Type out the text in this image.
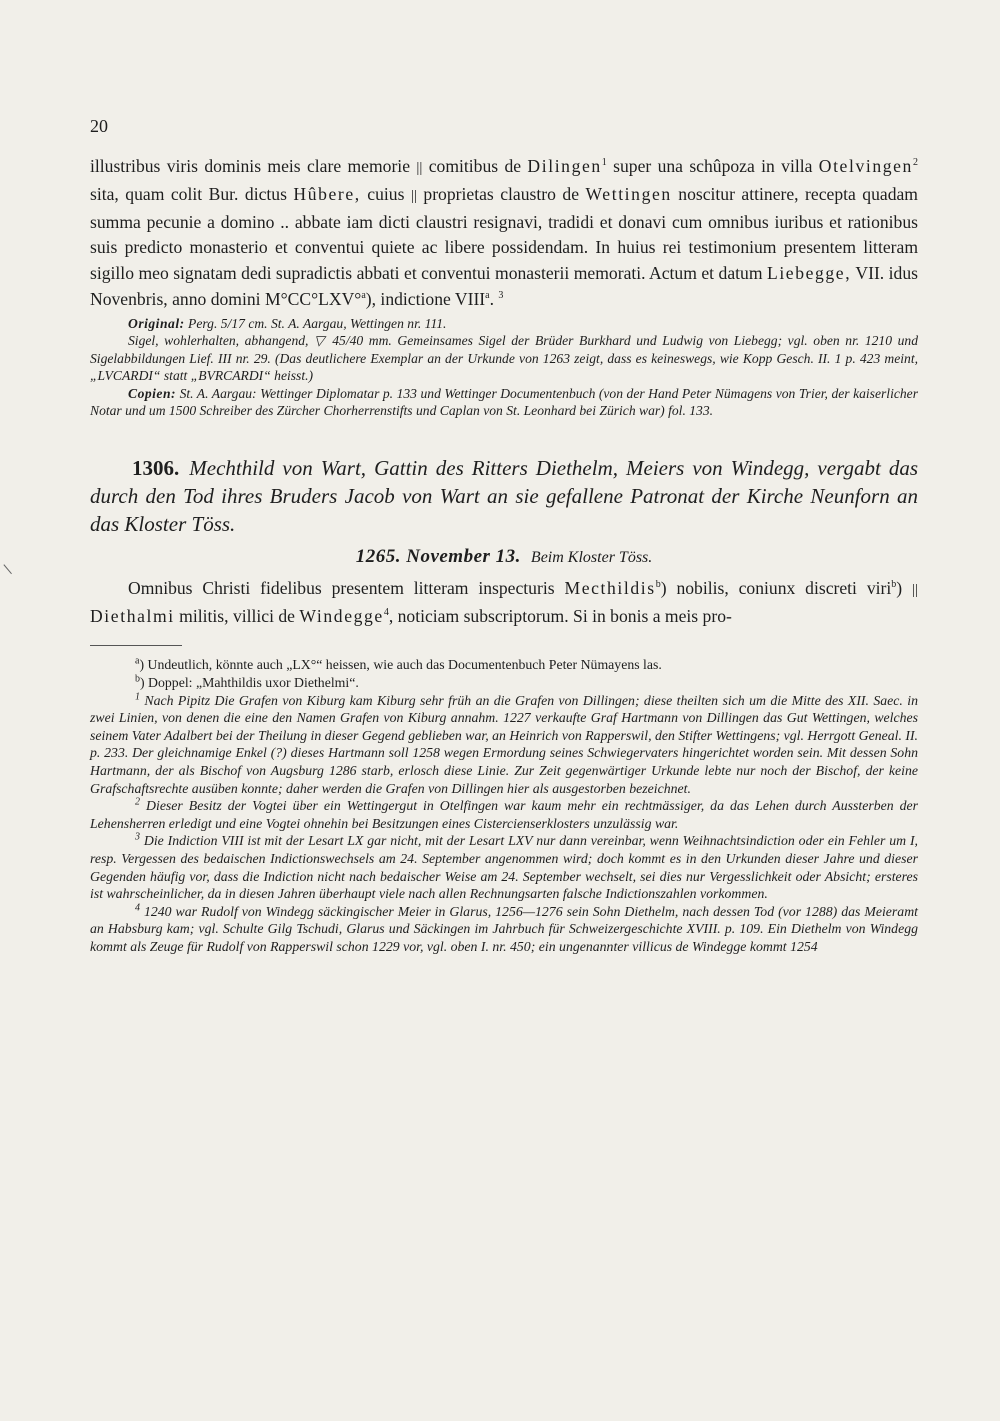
20

illustribus viris dominis meis clare memorie || comitibus de Dilingen$^1$ super una schûpoza in villa Otelvingen$^2$ sita, quam colit Bur. dictus Hûbere, cuius || proprietas claustro de Wettingen noscitur attinere, recepta quadam summa pecunie a domino .. abbate iam dicti claustri resignavi, tradidi et donavi cum omnibus iuribus et rationibus suis predicto monasterio et conventui quiete ac libere possidendam. In huius rei testimonium presentem litteram sigillo meo signatam dedi supradictis abbati et conventui monasterii memorati. Actum et datum Liebegge, VII. idus Novenbris, anno domini M°CC°LXV°$^a$), indictione VIII$^a$. $^3$

Original: Perg. 5/17 cm. St. A. Aargau, Wettingen nr. 111.

Sigel, wohlerhalten, abhangend, ▽ 45/40 mm. Gemeinsames Sigel der Brüder Burkhard und Ludwig von Liebegg; vgl. oben nr. 1210 und Sigelabbildungen Lief. III nr. 29. (Das deutlichere Exemplar an der Urkunde von 1263 zeigt, dass es keineswegs, wie Kopp Gesch. II. 1 p. 423 meint, „LVCARDI“ statt „BVRCARDI“ heisst.)

Copien: St. A. Aargau: Wettinger Diplomatar p. 133 und Wettinger Documentenbuch (von der Hand Peter Nümagens von Trier, der kaiserlicher Notar und um 1500 Schreiber des Zürcher Chorherrenstifts und Caplan von St. Leonhard bei Zürich war) fol. 133.

1306. Mechthild von Wart, Gattin des Ritters Diethelm, Meiers von Windegg, vergabt das durch den Tod ihres Bruders Jacob von Wart an sie gefallene Patronat der Kirche Neunforn an das Kloster Töss.
1265. November 13. Beim Kloster Töss.

Omnibus Christi fidelibus presentem litteram inspecturis Mecthildis$^b$) nobilis, coniunx discreti viri$^b$) || Diethalmi militis, villici de Windegge$^4$, noticiam subscriptorum. Si in bonis a meis pro-

$^a$) Undeutlich, könnte auch „LX°“ heissen, wie auch das Documentenbuch Peter Nümayens las.

$^b$) Doppel: „Mahthildis uxor Diethelmi“.

$^1$ Nach Pipitz Die Grafen von Kiburg kam Kiburg sehr früh an die Grafen von Dillingen; diese theilten sich um die Mitte des XII. Saec. in zwei Linien, von denen die eine den Namen Grafen von Kiburg annahm. 1227 verkaufte Graf Hartmann von Dillingen das Gut Wettingen, welches seinem Vater Adalbert bei der Theilung in dieser Gegend geblieben war, an Heinrich von Rapperswil, den Stifter Wettingens; vgl. Herrgott Geneal. II. p. 233. Der gleichnamige Enkel (?) dieses Hartmann soll 1258 wegen Ermordung seines Schwiegervaters hingerichtet worden sein. Mit dessen Sohn Hartmann, der als Bischof von Augsburg 1286 starb, erlosch diese Linie. Zur Zeit gegenwärtiger Urkunde lebte nur noch der Bischof, der keine Grafschaftsrechte ausüben konnte; daher werden die Grafen von Dillingen hier als ausgestorben bezeichnet.

$^2$ Dieser Besitz der Vogtei über ein Wettingergut in Otelfingen war kaum mehr ein rechtmässiger, da das Lehen durch Aussterben der Lehensherren erledigt und eine Vogtei ohnehin bei Besitzungen eines Cistercienserklosters unzulässig war.

$^3$ Die Indiction VIII ist mit der Lesart LX gar nicht, mit der Lesart LXV nur dann vereinbar, wenn Weihnachtsindiction oder ein Fehler um I, resp. Vergessen des bedaischen Indictionswechsels am 24. September angenommen wird; doch kommt es in den Urkunden dieser Jahre und dieser Gegenden häufig vor, dass die Indiction nicht nach bedaischer Weise am 24. September wechselt, sei dies nur Vergesslichkeit oder Absicht; ersteres ist wahrscheinlicher, da in diesen Jahren überhaupt viele nach allen Rechnungsarten falsche Indictionszahlen vorkommen.

$^4$ 1240 war Rudolf von Windegg säckingischer Meier in Glarus, 1256—1276 sein Sohn Diethelm, nach dessen Tod (vor 1288) das Meieramt an Habsburg kam; vgl. Schulte Gilg Tschudi, Glarus und Säckingen im Jahrbuch für Schweizergeschichte XVIII. p. 109. Ein Diethelm von Windegg kommt als Zeuge für Rudolf von Rapperswil schon 1229 vor, vgl. oben I. nr. 450; ein ungenannter villicus de Windegge kommt 1254
